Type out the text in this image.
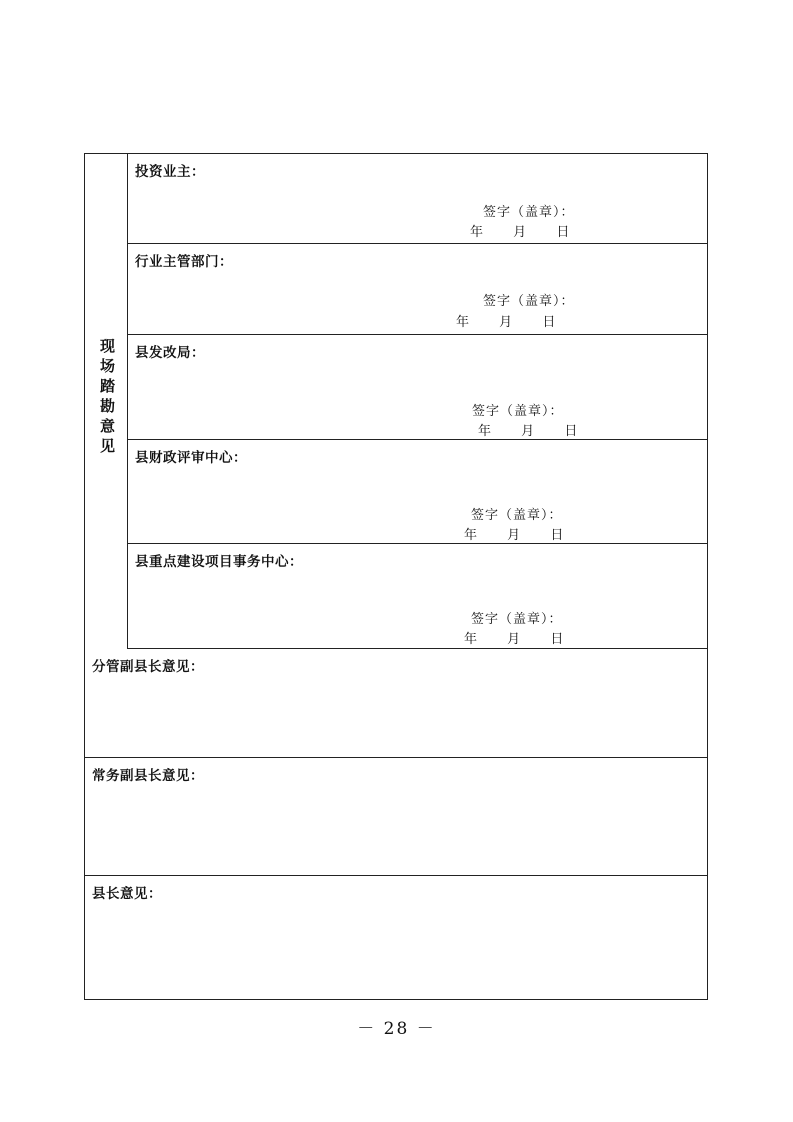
现场踏勘意见
投资业主：
签字（盖章）：
年 月 日
行业主管部门：
签字（盖章）：
年 月 日
县发改局：
签字（盖章）：
年 月 日
县财政评审中心：
签字（盖章）：
年 月 日
县重点建设项目事务中心：
签字（盖章）：
年 月 日
分管副县长意见：
常务副县长意见：
县长意见：
－ 28 －
